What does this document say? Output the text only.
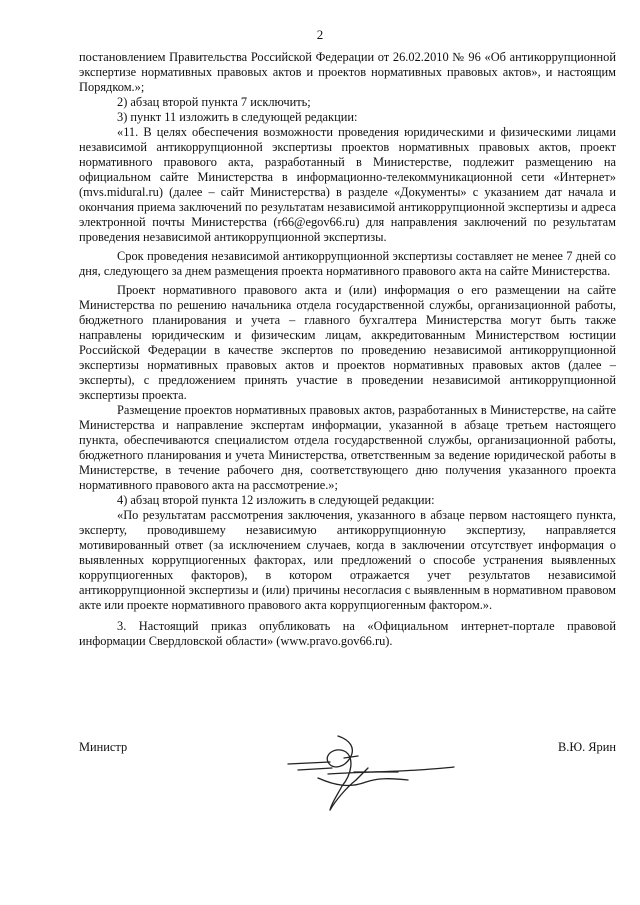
2

постановлением Правительства Российской Федерации от 26.02.2010 № 96 «Об антикоррупционной экспертизе нормативных правовых актов и проектов нормативных правовых актов», и настоящим Порядком.»;

2) абзац второй пункта 7 исключить;

3) пункт 11 изложить в следующей редакции:

«11. В целях обеспечения возможности проведения юридическими и физическими лицами независимой антикоррупционной экспертизы проектов нормативных правовых актов, проект нормативного правового акта, разработанный в Министерстве, подлежит размещению на официальном сайте Министерства в информационно-телекоммуникационной сети «Интернет» (mvs.midural.ru) (далее – сайт Министерства) в разделе «Документы» с указанием дат начала и окончания приема заключений по результатам независимой антикоррупционной экспертизы и адреса электронной почты Министерства (r66@egov66.ru) для направления заключений по результатам проведения независимой антикоррупционной экспертизы.

Срок проведения независимой антикоррупционной экспертизы составляет не менее 7 дней со дня, следующего за днем размещения проекта нормативного правового акта на сайте Министерства.

Проект нормативного правового акта и (или) информация о его размещении на сайте Министерства по решению начальника отдела государственной службы, организационной работы, бюджетного планирования и учета – главного бухгалтера Министерства могут быть также направлены юридическим и физическим лицам, аккредитованным Министерством юстиции Российской Федерации в качестве экспертов по проведению независимой антикоррупционной экспертизы нормативных правовых актов и проектов нормативных правовых актов (далее – эксперты), с предложением принять участие в проведении независимой антикоррупционной экспертизы проекта.

Размещение проектов нормативных правовых актов, разработанных в Министерстве, на сайте Министерства и направление экспертам информации, указанной в абзаце третьем настоящего пункта, обеспечиваются специалистом отдела государственной службы, организационной работы, бюджетного планирования и учета Министерства, ответственным за ведение юридической работы в Министерстве, в течение рабочего дня, соответствующего дню получения указанного проекта нормативного правового акта на рассмотрение.»;

4) абзац второй пункта 12 изложить в следующей редакции:

«По результатам рассмотрения заключения, указанного в абзаце первом настоящего пункта, эксперту, проводившему независимую антикоррупционную экспертизу, направляется мотивированный ответ (за исключением случаев, когда в заключении отсутствует информация о выявленных коррупциогенных факторах, или предложений о способе устранения выявленных коррупциогенных факторов), в котором отражается учет результатов независимой антикоррупционной экспертизы и (или) причины несогласия с выявленным в нормативном правовом акте или проекте нормативного правового акта коррупциогенным фактором.».

3. Настоящий приказ опубликовать на «Официальном интернет-портале правовой информации Свердловской области» (www.pravo.gov66.ru).

Министр	В.Ю. Ярин
